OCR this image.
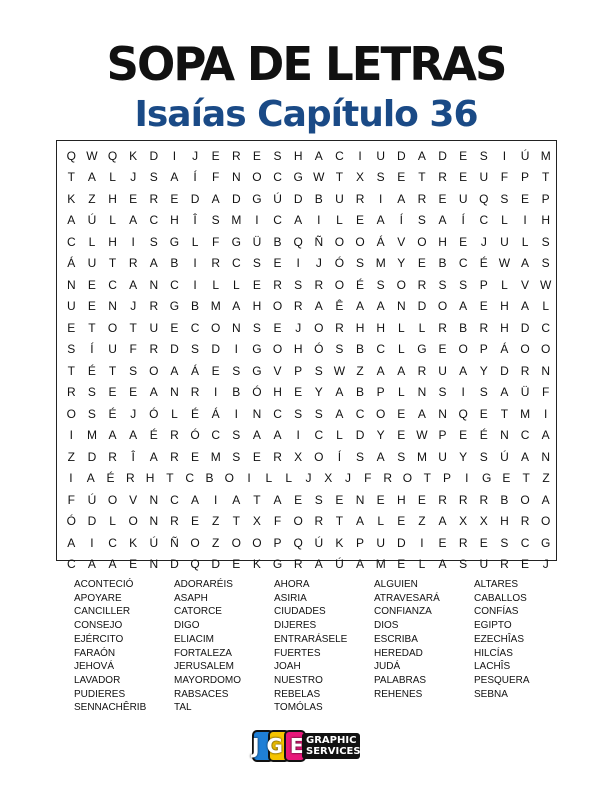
SOPA DE LETRAS
Isaías Capítulo 36
Q W Q K	D	I	J	E	R	E	S	H	A	C	I	U D	A	D	E	S	I	Ú M
T	A	L	J	S	A	Í	F	N O C G W T	X	S	E	T	R	E	U	F	P	T
K	Z	H	E	R	E	D	A	D G Ú D	B	U R	I	A	R	E	U Q S	E	P
A	Ú	L	A	C H	Î	S M	I	C	A	I	L	E	A	Í	S	A	Í	C	L	I	H
C	L	H	I	S G	L	F	G Ü	B Q Ñ O O Á	V O H	E	J	U	L	S
Á	U	T	R	A	B	I	R C	S	E	I	J	Ó S M Y	E	B	C	É W A	S
N	E	C	A	N C	I	L	L	E	R	S	R O É	S O R	S	S	P	L	V W
U	E	N	J	R G B M A	H O R	A	Ê	A	A	N D O A	E	H	A	L
E	T	O	T	U	E	C O N	S	E	J	O R H H	L	L	R	B	R H D C
S	Í	U	F	R D	S	D	I	G O H Ó S	B	C	L	G E O P	Á O O
T	É	T	S O A	Á	E	S G V	P	S W Z	A	A	R U	A	Y	D R N
R	S	E	E	A	N R	I	B Ó H	E	Y	A	B	P	L	N	S	I	S	A	Ü	F
O S	É	J	Ó	L	É	Á	I	N C	S	S	A	C O E	A	N Q E	T M	I
I	M A	A	É	R Ó C	S	A	A	I	C	L	D	Y	E W P	E	É	N C	A
Z	D R	Î	A	R	E M S	E	R	X O	Í	S	A	S M U	Y	S	Ú	A	N
I	A É R H T C B O	I	L	L	J	X	J	F R O T	P	I	G E	T	Z
F	Ú O V	N C	A	I	A	T	A	E	S	E	N	E	H	E	R R R	B O A
Ó D	L	O N R	E	Z	T	X	F	O R	T	A	L	E	Z	A	X	X	H R O
A	I	C	K	Ú Ñ O	Z	O O P Q Ú	K	P	U D	I	E	R	E	S	C G
C	A	A	E	N D Q D	E	K G R	A	Ú	A M E	L	A	S	U R	E	J
ACONTECIÓ
APOYARE
CANCILLER
CONSEJO
EJÉRCITO
FARAÓN
JEHOVÁ
LAVADOR
PUDIERES
SENNACHÊRIB
ADORARÉIS
ASAPH
CATORCE
DIGO
ELIACIM
FORTALEZA
JERUSALEM
MAYORDOMO
RABSACES
TAL
AHORA
ASIRIA
CIUDADES
DIJERES
ENTRARÁSELE
FUERTES
JOAH
NUESTRO
REBELAS
TOMÓLAS
ALGUIEN
ATRAVESARÁ
CONFIANZA
DIOS
ESCRIBA
HEREDAD
JUDÁ
PALABRAS
REHENES
ALTARES
CABALLOS
CONFÍAS
EGIPTO
EZECHÎAS
HILCÍAS
LACHÎS
PESQUERA
SEBNA
JGE
GRAPHIC
SERVICES
